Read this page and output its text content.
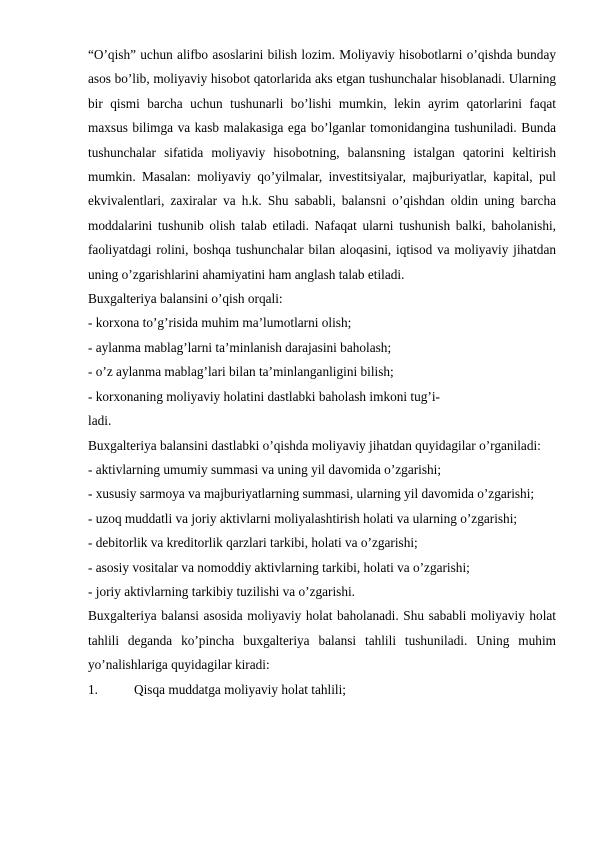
“O’qish” uchun alifbo asoslarini bilish lozim. Moliyaviy hisobotlarni o’qishda bunday asos bo’lib, moliyaviy hisobot qatorlarida aks etgan tushunchalar hisoblanadi. Ularning bir qismi barcha uchun tushunarli bo’lishi mumkin, lekin ayrim qatorlarini faqat maxsus bilimga va kasb malakasiga ega bo’lganlar tomonidangina tushuniladi. Bunda tushunchalar sifatida moliyaviy hisobotning, balansning istalgan qatorini keltirish mumkin. Masalan: moliyaviy qo’yilmalar, investitsiyalar, majburiyatlar, kapital, pul ekvivalentlari, zaxiralar va h.k. Shu sababli, balansni o’qishdan oldin uning barcha moddalarini tushunib olish talab etiladi. Nafaqat ularni tushunish balki, baholanishi, faoliyatdagi rolini, boshqa tushunchalar bilan aloqasini, iqtisod va moliyaviy jihatdan uning o’zgarishlarini ahamiyatini ham anglash talab etiladi.

Buxgalteriya balansini o’qish orqali:

- korxona to’g’risida muhim ma’lumotlarni olish;

- aylanma mablag’larni ta’minlanish darajasini baholash;

- o’z aylanma mablag’lari bilan ta’minlanganligini bilish;

- korxonaning moliyaviy holatini dastlabki baholash imkoni tug’i-

ladi.

Buxgalteriya balansini dastlabki o’qishda moliyaviy jihatdan quyidagilar o’rganiladi:

- aktivlarning umumiy summasi va uning yil davomida o’zgarishi;

- xususiy sarmoya va majburiyatlarning summasi, ularning yil davomida o’zgarishi;

- uzoq muddatli va joriy aktivlarni moliyalashtirish holati va ularning o’zgarishi;

- debitorlik va kreditorlik qarzlari tarkibi, holati va o’zgarishi;

- asosiy vositalar va nomoddiy aktivlarning tarkibi, holati va o’zgarishi;

- joriy aktivlarning tarkibiy tuzilishi va o’zgarishi.

Buxgalteriya balansi asosida moliyaviy holat baholanadi. Shu sababli moliyaviy holat tahlili deganda ko’pincha buxgalteriya balansi tahlili tushuniladi. Uning muhim yo’nalishlariga quyidagilar kiradi:

1.	Qisqa muddatga moliyaviy holat tahlili;
